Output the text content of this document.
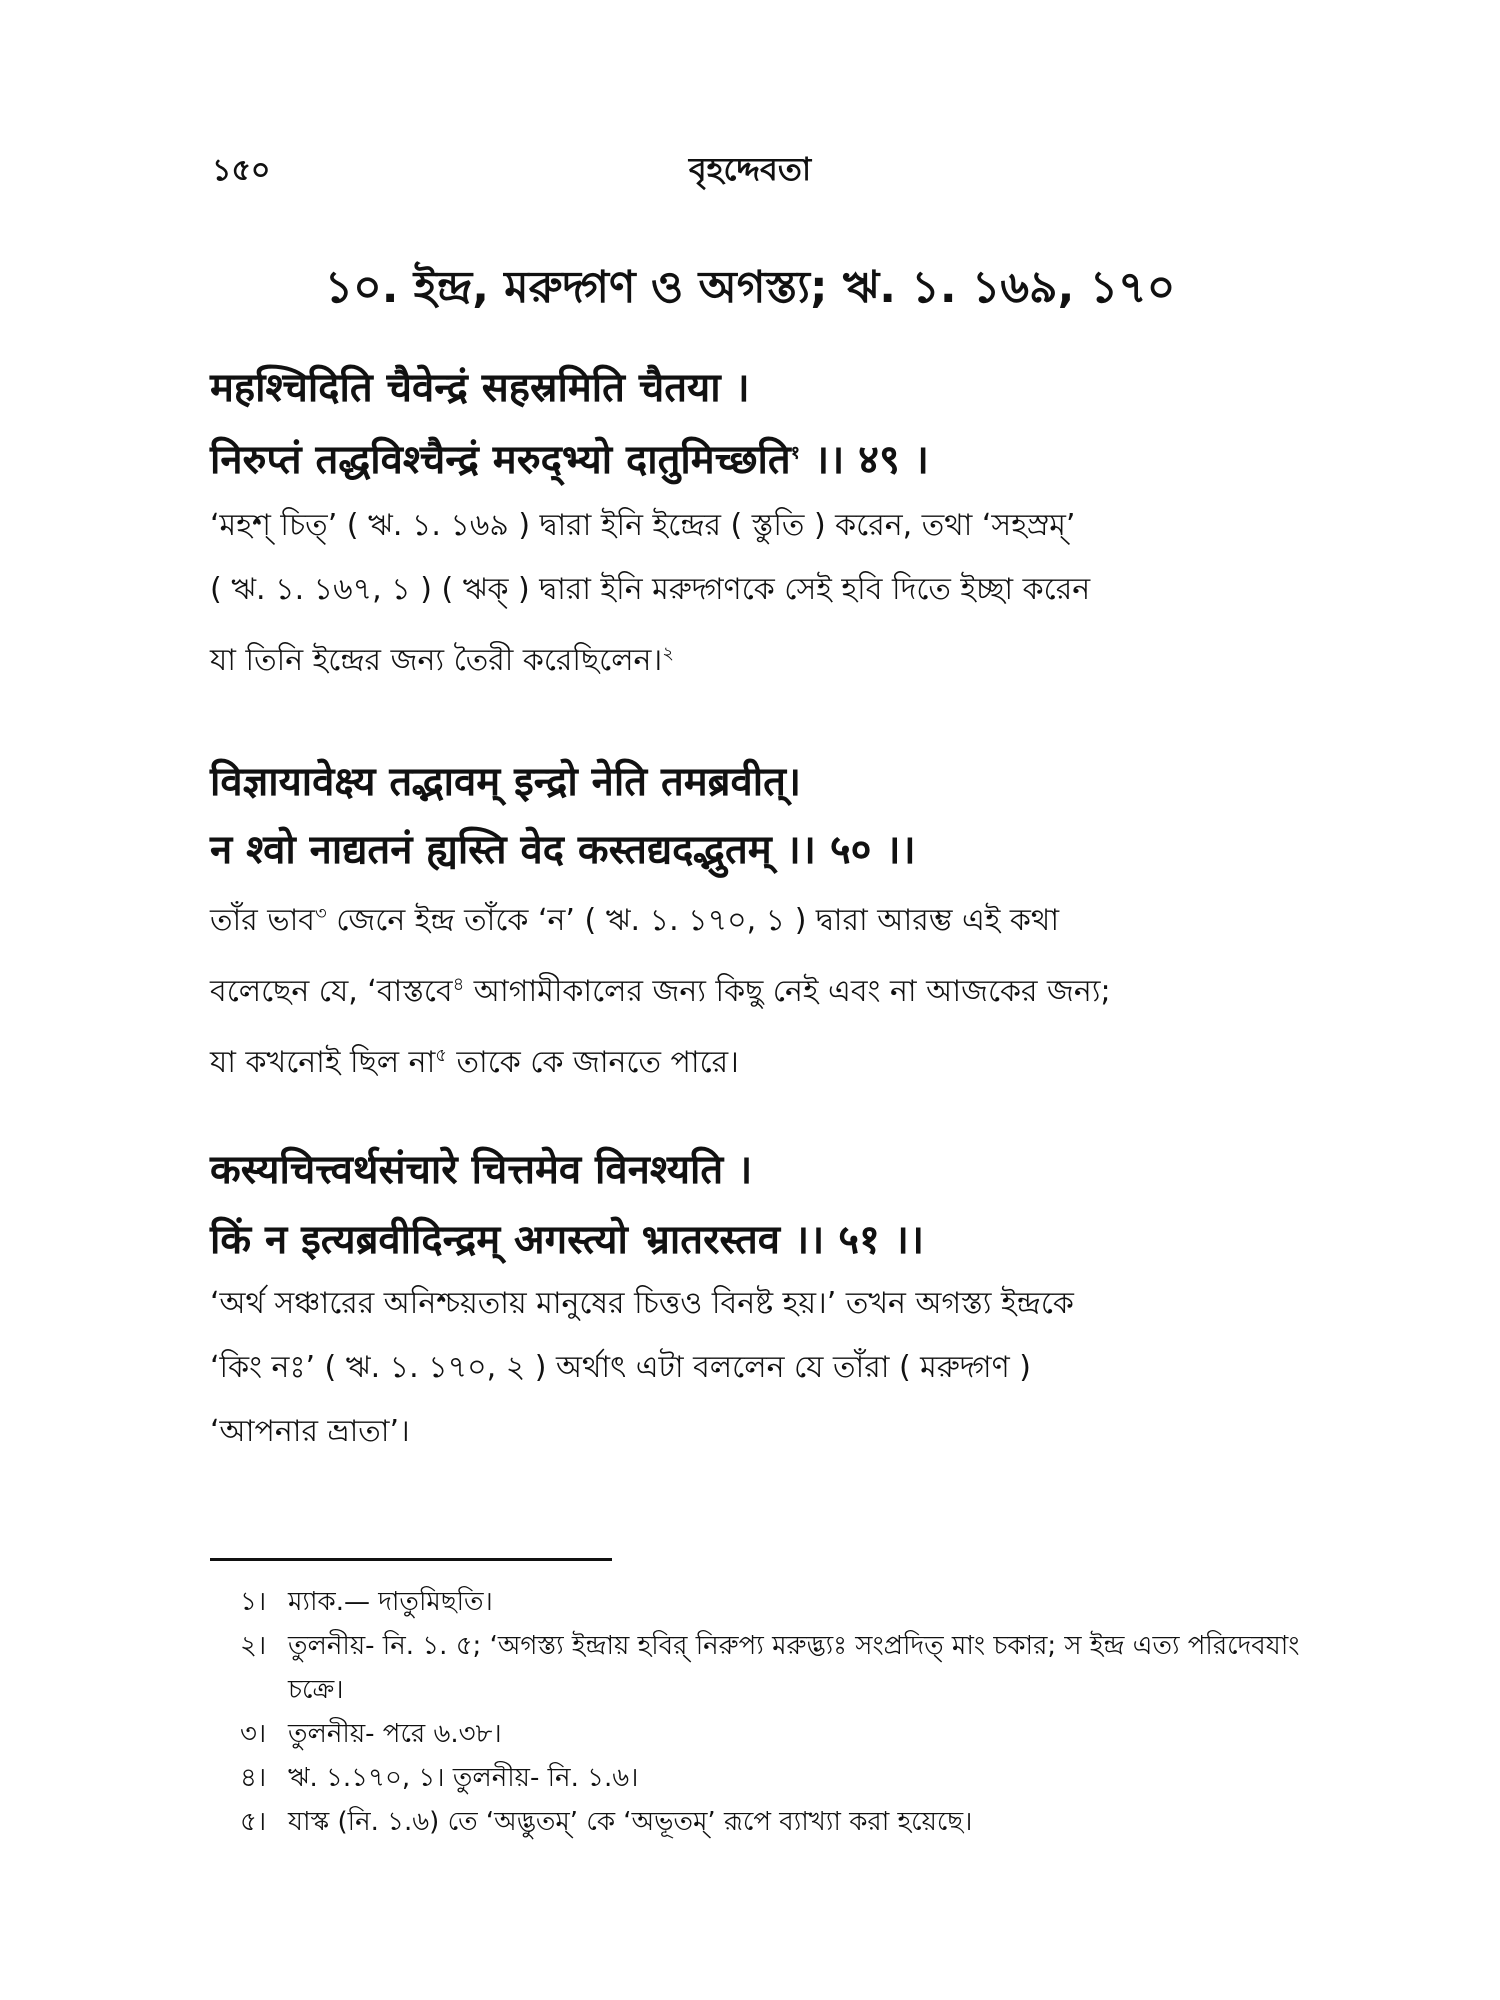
১৫০	বৃহদ্দেবতা
১০. ইন্দ্র, মরুদ্গণ ও অগস্ত্য; ঋ. ১. ১৬৯, ১৭০
महश्चिदिति चैवेन्द्रं सहस्रमिति चैतया ।
निरुप्तं तद्धविश्चैन्द्रं मरुद्भ्यो दातुमिच्छति$^१$ ।। ४९ ।
‘মহশ্ চিত্’ ( ঋ. ১. ১৬৯ ) দ্বারা ইনি ইন্দ্রের ( স্তুতি ) করেন, তথা ‘সহস্রম্’
( ঋ. ১. ১৬৭, ১ ) ( ঋক্ ) দ্বারা ইনি মরুদ্গণকে সেই হবি দিতে ইচ্ছা করেন
যা তিনি ইন্দ্রের জন্য তৈরী করেছিলেন।$^২$
विज्ञायावेक्ष्य तद्भावम् इन्द्रो नेति तमब्रवीत्।
न श्वो नाद्यतनं ह्यस्ति वेद कस्तद्यदद्भुतम् ।। ५० ।।
তাঁর ভাব$^৩$ জেনে ইন্দ্র তাঁকে ‘ন’ ( ঋ. ১. ১৭০, ১ ) দ্বারা আরম্ভ এই কথা
বলেছেন যে, ‘বাস্তবে$^৪$ আগামীকালের জন্য কিছু নেই এবং না আজকের জন্য;
যা কখনোই ছিল না$^৫$ তাকে কে জানতে পারে।
कस्यचित्त्वर्थसंचारे चित्तमेव विनश्यति ।
किं न इत्यब्रवीदिन्द्रम् अगस्त्यो भ्रातरस्तव ।। ५१ ।।
‘অর্থ সঞ্চারের অনিশ্চয়তায় মানুষের চিত্তও বিনষ্ট হয়।’ তখন অগস্ত্য ইন্দ্রকে
‘কিং নঃ’ ( ঋ. ১. ১৭০, ২ ) অর্থাৎ এটা বললেন যে তাঁরা ( মরুদ্গণ )
‘আপনার ভ্রাতা’।
১। ম্যাক.— দাতুমিছতি।
২। তুলনীয়- নি. ১. ৫; ‘অগস্ত্য ইন্দ্রায় হবির্ নিরুপ্য মরুদ্ভ্যঃ সংপ্রদিত্‌ মাং চকার; স ইন্দ্র এত্য পরিদেবযাং চক্রে।
৩। তুলনীয়- পরে ৬.৩৮।
৪। ঋ. ১.১৭০, ১। তুলনীয়- নি. ১.৬।
৫। যাস্ক (নি. ১.৬) তে ‘অদ্ভুতম্’ কে ‘অভূতম্’ রূপে ব্যাখ্যা করা হয়েছে।
